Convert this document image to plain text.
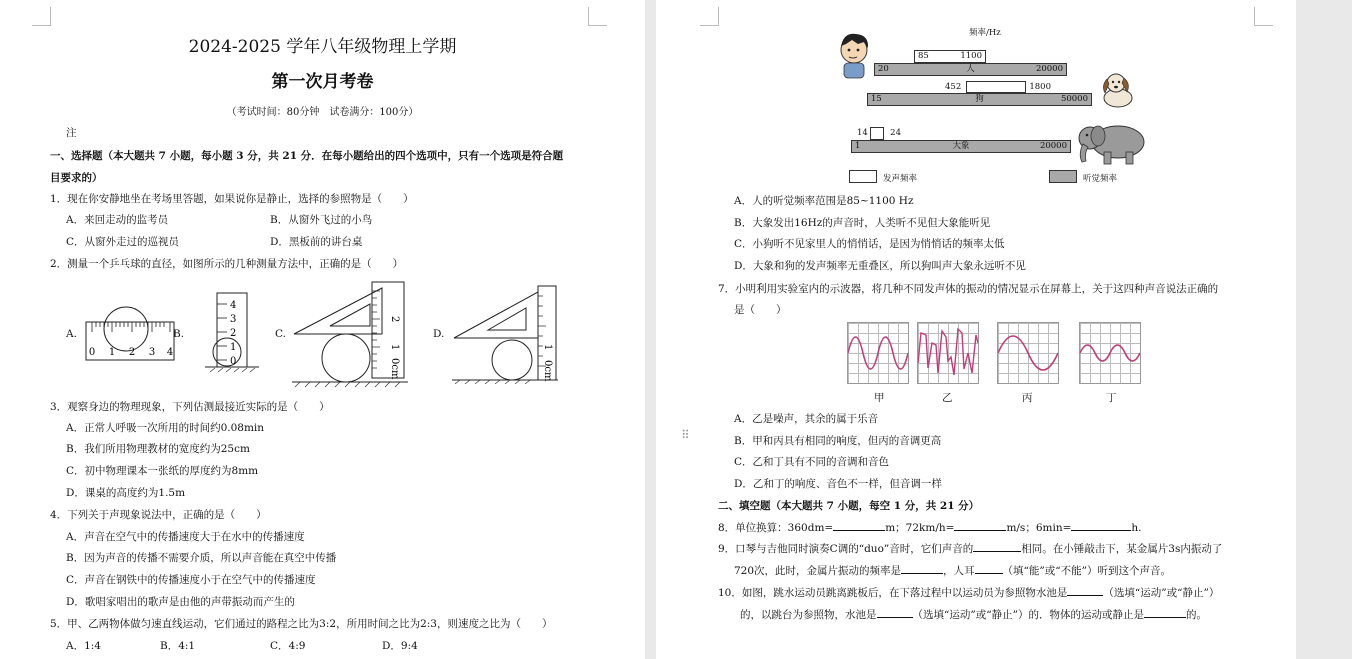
2024-2025 学年八年级物理上学期
第一次月考卷
（考试时间：80分钟　试卷满分：100分）
注
一、选择题（本大题共 7 小题，每小题 3 分，共 21 分．在每小题给出的四个选项中，只有一个选项是符合题
目要求的）
1．现在你安静地坐在考场里答题，如果说你是静止，选择的参照物是（　　）
A．来回走动的监考员	B．从窗外飞过的小鸟
C．从窗外走过的巡视员	D．黑板前的讲台桌
2．测量一个乒乓球的直径，如图所示的几种测量方法中，正确的是（　　）
A.
0 1 2 3 4
B.
4
3
2
1
0
C.
2
1
0cm
D.
1
0cm
3．观察身边的物理现象，下列估测最接近实际的是（　　）
A．正常人呼吸一次所用的时间约0.08min
B．我们所用物理教材的宽度约为25cm
C．初中物理课本一张纸的厚度约为8mm
D．课桌的高度约为1.5m
4．下列关于声现象说法中，正确的是（　　）
A．声音在空气中的传播速度大于在水中的传播速度
B．因为声音的传播不需要介质，所以声音能在真空中传播
C．声音在钢铁中的传播速度小于在空气中的传播速度
D．歌唱家唱出的歌声是由他的声带振动而产生的
5．甲、乙两物体做匀速直线运动，它们通过的路程之比为3:2，所用时间之比为2:3，则速度之比为（　　）
A．1:4	B．4:1	C．4:9	D．9:4
频率/Hz
85	1100
20	人	20000
452	1800
15	狗	50000
14	24
1	大象	20000
发声频率	听觉频率
A．人的听觉频率范围是85~1100 Hz
B．大象发出16Hz的声音时，人类听不见但大象能听见
C．小狗听不见家里人的悄悄话，是因为悄悄话的频率太低
D．大象和狗的发声频率无重叠区，所以狗叫声大象永远听不见
7．小明利用实验室内的示波器，将几种不同发声体的振动的情况显示在屏幕上，关于这四种声音说法正确的
是（　　）
甲	乙	丙	丁
A．乙是噪声，其余的属于乐音
B．甲和丙具有相同的响度，但丙的音调更高
C．乙和丁具有不同的音调和音色
D．乙和丁的响度、音色不一样，但音调一样
二、填空题（本大题共 7 小题，每空 1 分，共 21 分）
8．单位换算：360dm=	m；72km/h=	m/s；6min=	h.
9．口琴与吉他同时演奏C调的“duo”音时，它们声音的	相同。在小锤敲击下，某金属片3s内振动了
720次，此时，金属片振动的频率是	，人耳	（填“能”或“不能”）听到这个声音。
10．如图，跳水运动员跳离跳板后，在下落过程中以运动员为参照物水池是	（选填“运动”或“静止”）
的，以跳台为参照物，水池是	（选填“运动”或“静止”）的．物体的运动或静止是	的。
⠿
